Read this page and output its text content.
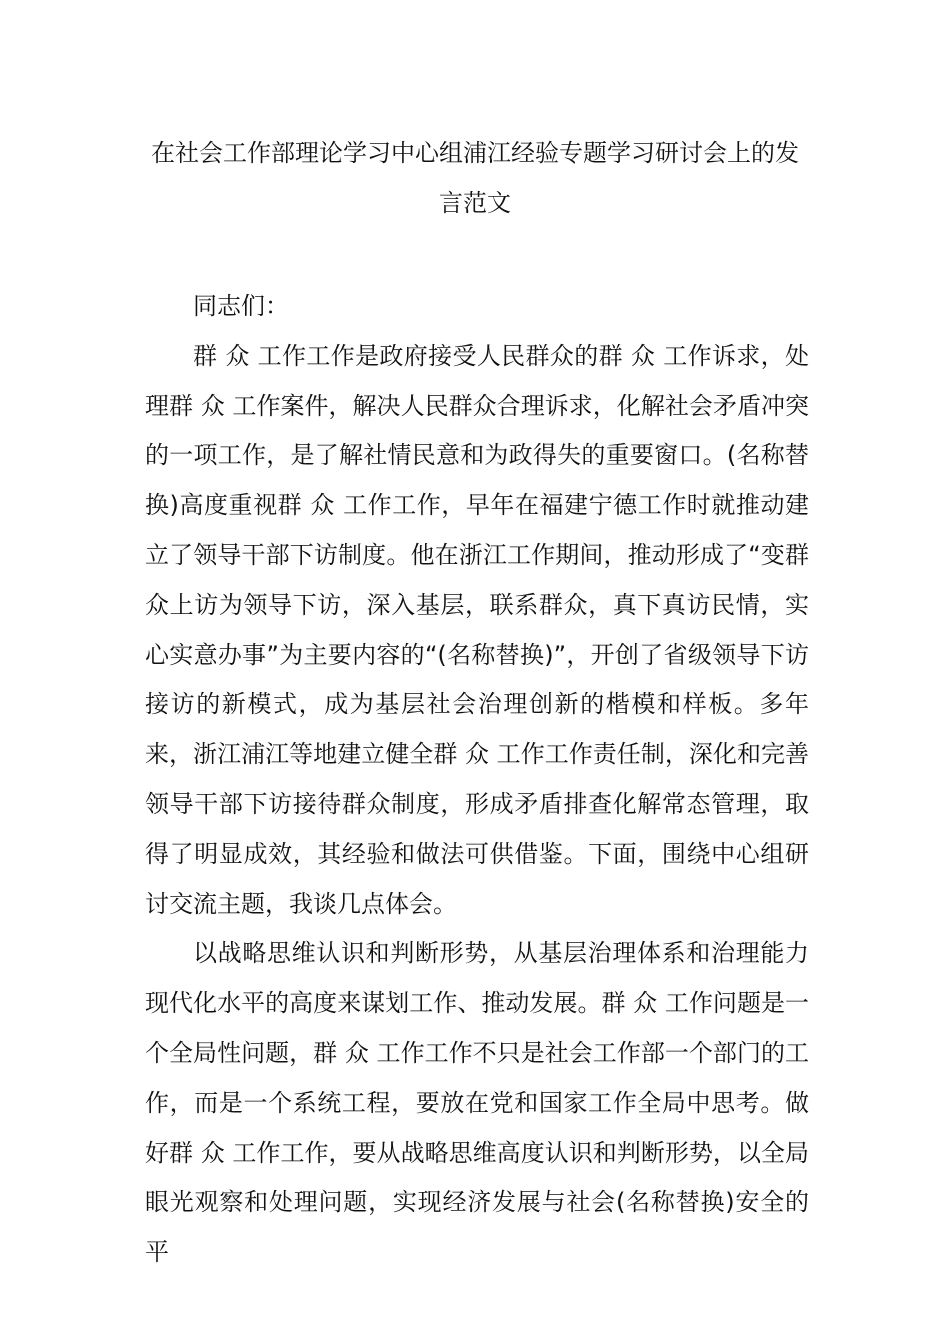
在社会工作部理论学习中心组浦江经验专题学习研讨会上的发言范文

同志们：

群 众 工作工作是政府接受人民群众的群 众 工作诉求，处理群 众 工作案件，解决人民群众合理诉求，化解社会矛盾冲突的一项工作，是了解社情民意和为政得失的重要窗口。(名称替换)高度重视群 众 工作工作，早年在福建宁德工作时就推动建立了领导干部下访制度。他在浙江工作期间，推动形成了“变群众上访为领导下访，深入基层，联系群众，真下真访民情，实心实意办事”为主要内容的“(名称替换)”，开创了省级领导下访接访的新模式，成为基层社会治理创新的楷模和样板。多年来，浙江浦江等地建立健全群 众 工作工作责任制，深化和完善领导干部下访接待群众制度，形成矛盾排查化解常态管理，取得了明显成效，其经验和做法可供借鉴。下面，围绕中心组研讨交流主题，我谈几点体会。

以战略思维认识和判断形势，从基层治理体系和治理能力现代化水平的高度来谋划工作、推动发展。群 众 工作问题是一个全局性问题，群 众 工作工作不只是社会工作部一个部门的工作，而是一个系统工程，要放在党和国家工作全局中思考。做好群 众 工作工作，要从战略思维高度认识和判断形势，以全局眼光观察和处理问题，实现经济发展与社会(名称替换)安全的平
